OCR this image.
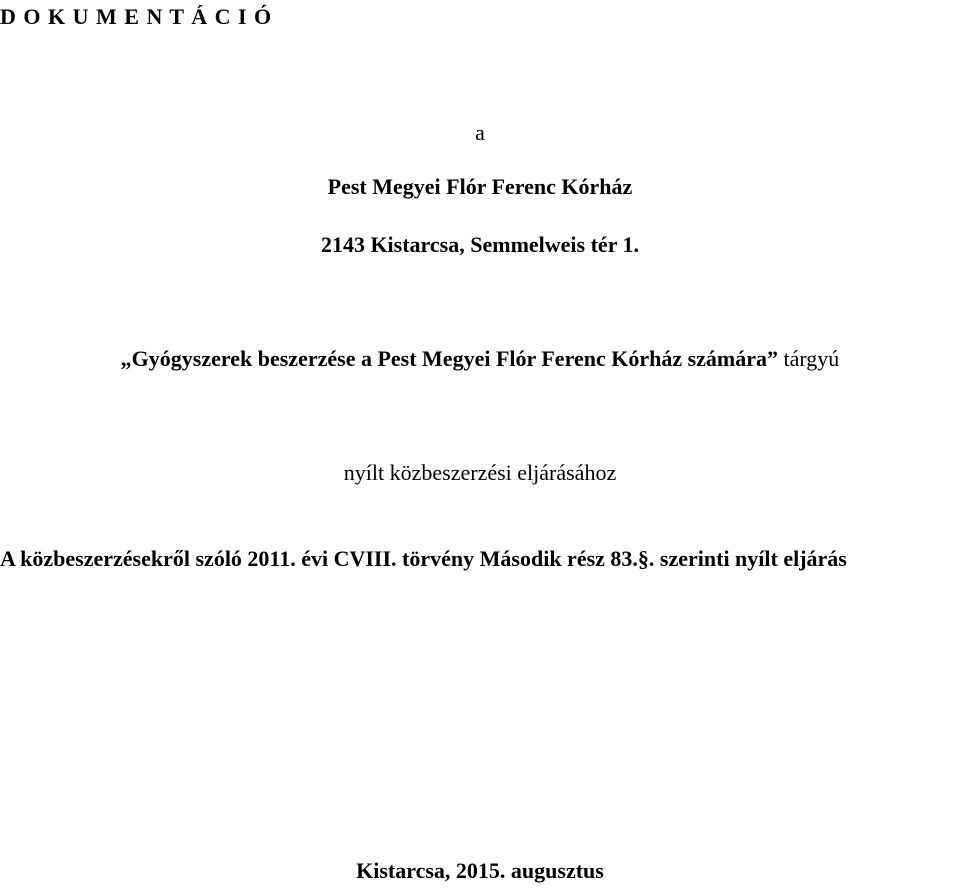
D O K U M E N T Á C I Ó
a
Pest Megyei Flór Ferenc Kórház
2143 Kistarcsa, Semmelweis tér 1.
„Gyógyszerek beszerzése a Pest Megyei Flór Ferenc Kórház számára” tárgyú
nyílt közbeszerzési eljárásához
A közbeszerzésekről szóló 2011. évi CVIII. törvény Második rész 83.§. szerinti nyílt eljárás
Kistarcsa, 2015. augusztus
